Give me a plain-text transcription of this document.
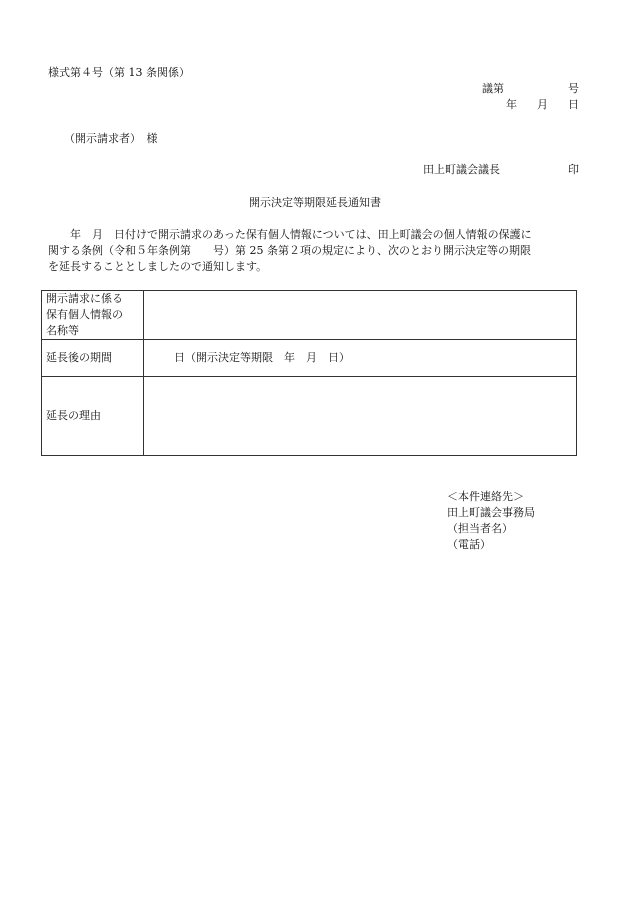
様式第４号（第 13 条関係）
議第	号
年 月 日
（開示請求者）　様
田上町議会議長	印
開示決定等期限延長通知書
　　年　月　日付けで開示請求のあった保有個人情報については、田上町議会の個人情報の保護に
関する条例（令和５年条例第　　号）第 25 条第２項の規定により、次のとおり開示決定等の期限
を延長することとしましたので通知します。
開示請求に係る
保有個人情報の
名称等	

延長後の期間	日（開示決定等期限　年　月　日）
延長の理由	
＜本件連絡先＞
田上町議会事務局
（担当者名）
（電話）
